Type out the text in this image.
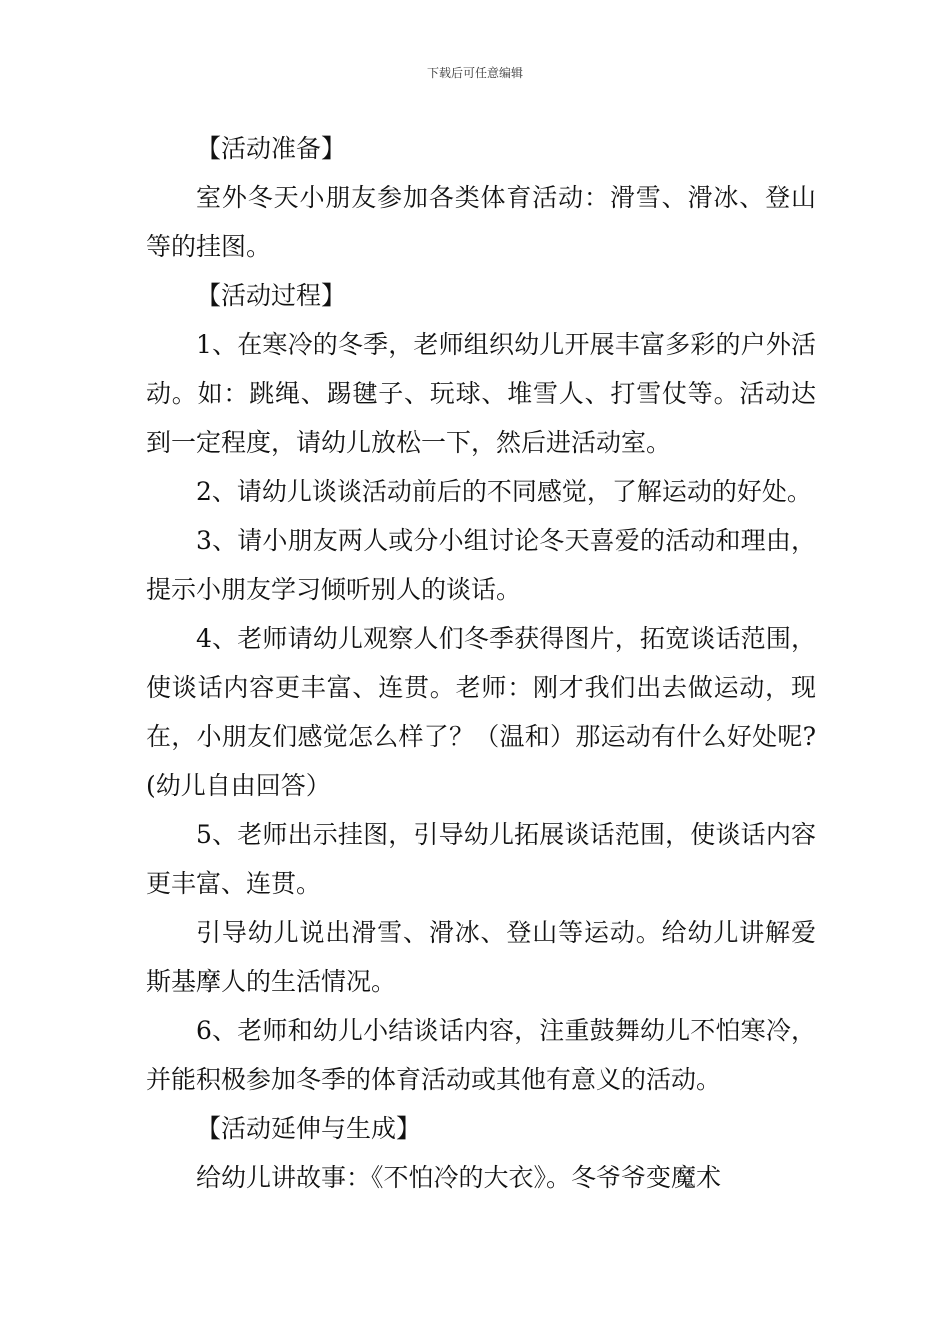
下载后可任意编辑

【活动准备】

室外冬天小朋友参加各类体育活动：滑雪、滑冰、登山等的挂图。

【活动过程】

1、在寒冷的冬季，老师组织幼儿开展丰富多彩的户外活动。如：跳绳、踢毽子、玩球、堆雪人、打雪仗等。活动达到一定程度，请幼儿放松一下，然后进活动室。

2、请幼儿谈谈活动前后的不同感觉，了解运动的好处。

3、请小朋友两人或分小组讨论冬天喜爱的活动和理由，提示小朋友学习倾听别人的谈话。

4、老师请幼儿观察人们冬季获得图片，拓宽谈话范围，使谈话内容更丰富、连贯。老师：刚才我们出去做运动，现在，小朋友们感觉怎么样了？（温和）那运动有什么好处呢?(幼儿自由回答）

5、老师出示挂图，引导幼儿拓展谈话范围，使谈话内容更丰富、连贯。

引导幼儿说出滑雪、滑冰、登山等运动。给幼儿讲解爱斯基摩人的生活情况。

6、老师和幼儿小结谈话内容，注重鼓舞幼儿不怕寒冷，并能积极参加冬季的体育活动或其他有意义的活动。

【活动延伸与生成】

给幼儿讲故事：《不怕冷的大衣》。冬爷爷变魔术
